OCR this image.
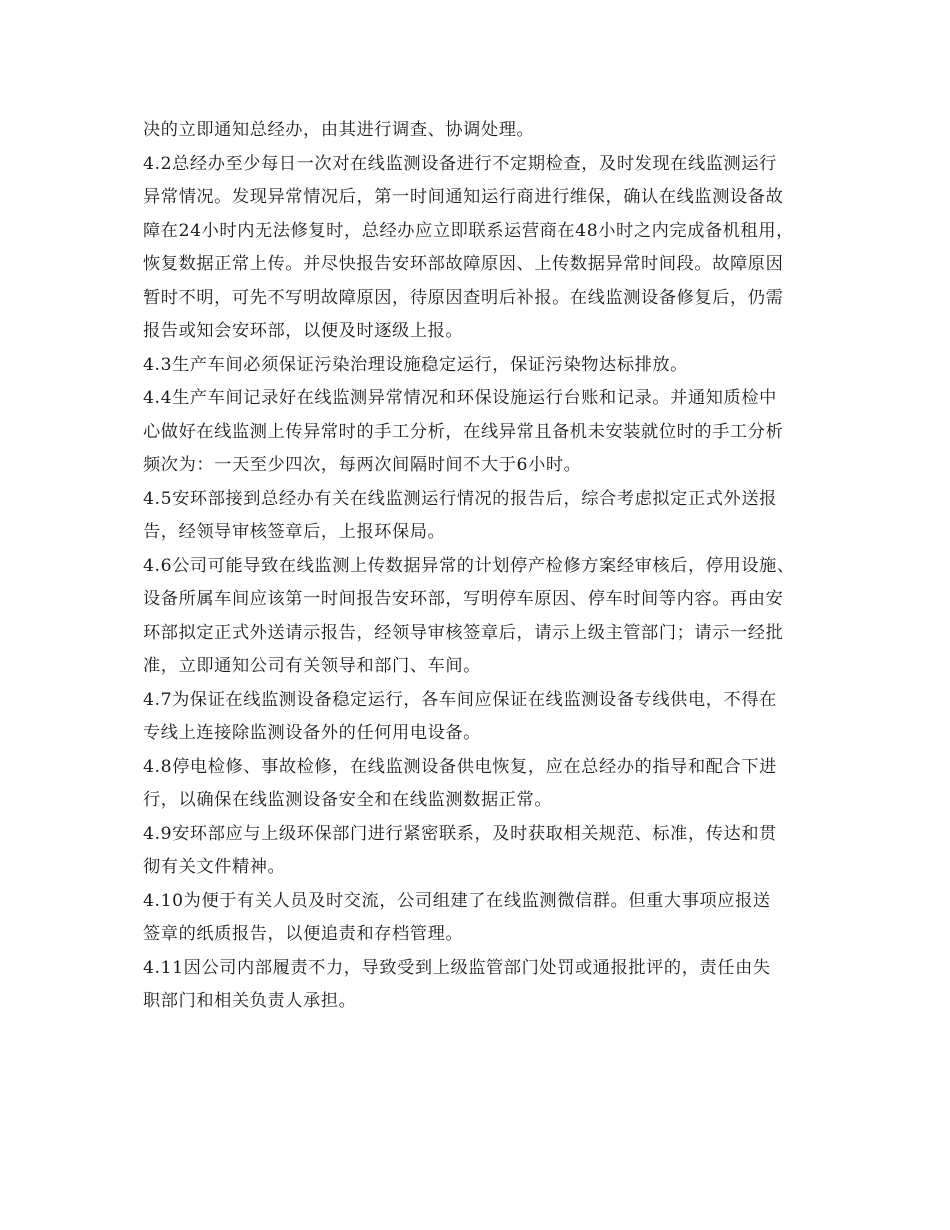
决的立即通知总经办，由其进行调查、协调处理。
4.2总经办至少每日一次对在线监测设备进行不定期检查，及时发现在线监测运行
异常情况。发现异常情况后，第一时间通知运行商进行维保，确认在线监测设备故
障在24小时内无法修复时，总经办应立即联系运营商在48小时之内完成备机租用，
恢复数据正常上传。并尽快报告安环部故障原因、上传数据异常时间段。故障原因
暂时不明，可先不写明故障原因，待原因查明后补报。在线监测设备修复后，仍需
报告或知会安环部，以便及时逐级上报。
4.3生产车间必须保证污染治理设施稳定运行，保证污染物达标排放。
4.4生产车间记录好在线监测异常情况和环保设施运行台账和记录。并通知质检中
心做好在线监测上传异常时的手工分析，在线异常且备机未安装就位时的手工分析
频次为：一天至少四次，每两次间隔时间不大于6小时。
4.5安环部接到总经办有关在线监测运行情况的报告后，综合考虑拟定正式外送报
告，经领导审核签章后，上报环保局。
4.6公司可能导致在线监测上传数据异常的计划停产检修方案经审核后，停用设施、
设备所属车间应该第一时间报告安环部，写明停车原因、停车时间等内容。再由安
环部拟定正式外送请示报告，经领导审核签章后，请示上级主管部门；请示一经批
准，立即通知公司有关领导和部门、车间。
4.7为保证在线监测设备稳定运行，各车间应保证在线监测设备专线供电，不得在
专线上连接除监测设备外的任何用电设备。
4.8停电检修、事故检修，在线监测设备供电恢复，应在总经办的指导和配合下进
行，以确保在线监测设备安全和在线监测数据正常。
4.9安环部应与上级环保部门进行紧密联系，及时获取相关规范、标准，传达和贯
彻有关文件精神。
4.10为便于有关人员及时交流，公司组建了在线监测微信群。但重大事项应报送
签章的纸质报告，以便追责和存档管理。
4.11因公司内部履责不力，导致受到上级监管部门处罚或通报批评的，责任由失
职部门和相关负责人承担。
